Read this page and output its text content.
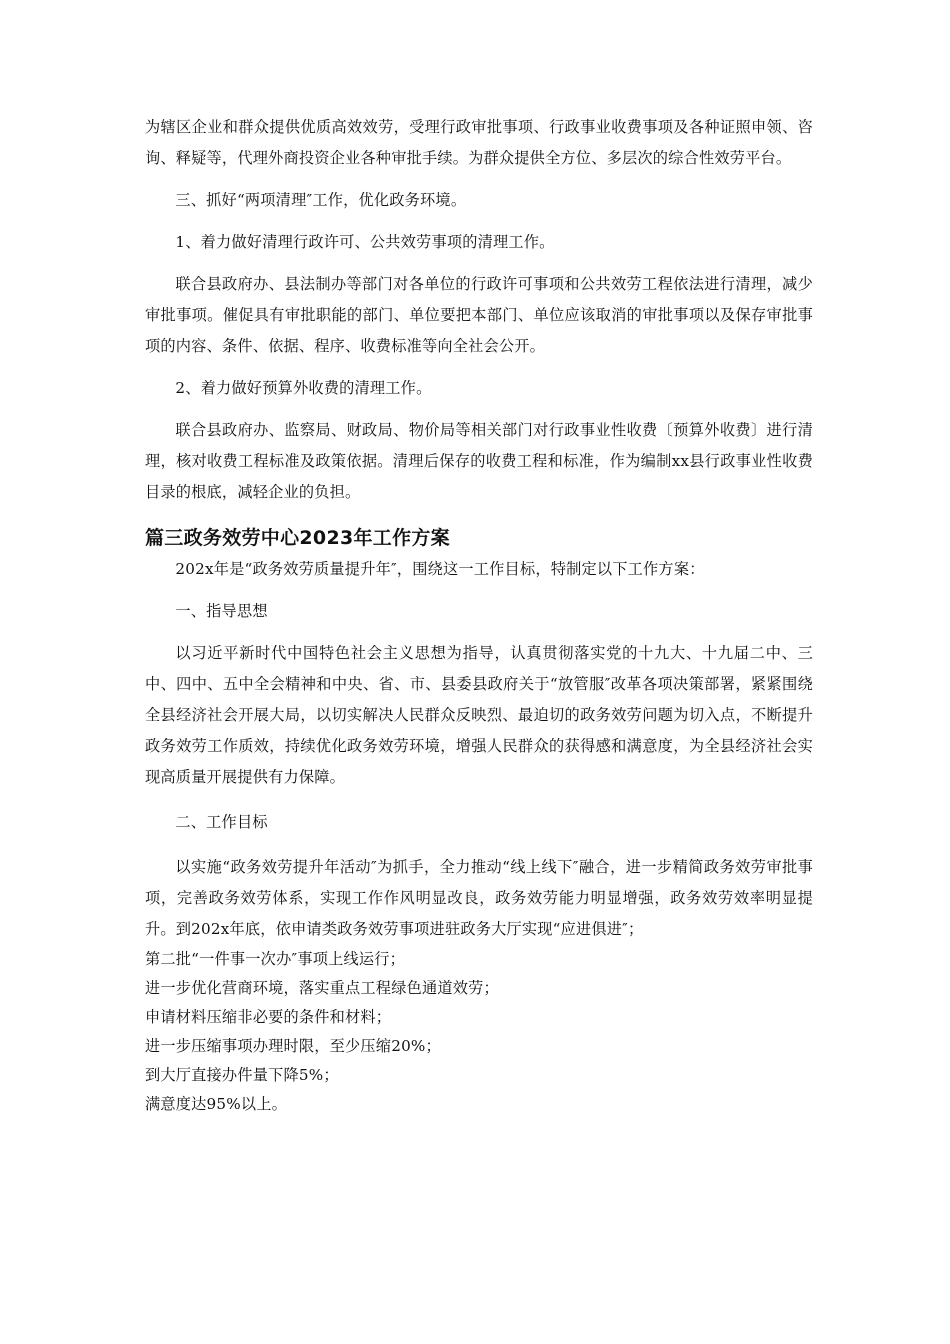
为辖区企业和群众提供优质高效效劳，受理行政审批事项、行政事业收费事项及各种证照申领、咨询、释疑等，代理外商投资企业各种审批手续。为群众提供全方位、多层次的综合性效劳平台。

三、抓好“两项清理″工作，优化政务环境。

1、着力做好清理行政许可、公共效劳事项的清理工作。

联合县政府办、县法制办等部门对各单位的行政许可事项和公共效劳工程依法进行清理，减少审批事项。催促具有审批职能的部门、单位要把本部门、单位应该取消的审批事项以及保存审批事项的内容、条件、依据、程序、收费标准等向全社会公开。

2、着力做好预算外收费的清理工作。

联合县政府办、监察局、财政局、物价局等相关部门对行政事业性收费〔预算外收费〕进行清理，核对收费工程标准及政策依据。清理后保存的收费工程和标准，作为编制xx县行政事业性收费目录的根底，减轻企业的负担。

篇三政务效劳中心2023年工作方案

202x年是“政务效劳质量提升年″，围绕这一工作目标，特制定以下工作方案：

一、指导思想

以习近平新时代中国特色社会主义思想为指导，认真贯彻落实党的十九大、十九届二中、三中、四中、五中全会精神和中央、省、市、县委县政府关于“放管服″改革各项决策部署，紧紧围绕全县经济社会开展大局，以切实解决人民群众反映烈、最迫切的政务效劳问题为切入点，不断提升政务效劳工作质效，持续优化政务效劳环境，增强人民群众的获得感和满意度，为全县经济社会实现高质量开展提供有力保障。

二、工作目标

以实施“政务效劳提升年活动″为抓手，全力推动“线上线下″融合，进一步精简政务效劳审批事项，完善政务效劳体系，实现工作作风明显改良，政务效劳能力明显增强，政务效劳效率明显提升。到202x年底，依申请类政务效劳事项进驻政务大厅实现“应进俱进″；

第二批“一件事一次办″事项上线运行；

进一步优化营商环境，落实重点工程绿色通道效劳；

申请材料压缩非必要的条件和材料；

进一步压缩事项办理时限，至少压缩20%；

到大厅直接办件量下降5%；

满意度达95%以上。
